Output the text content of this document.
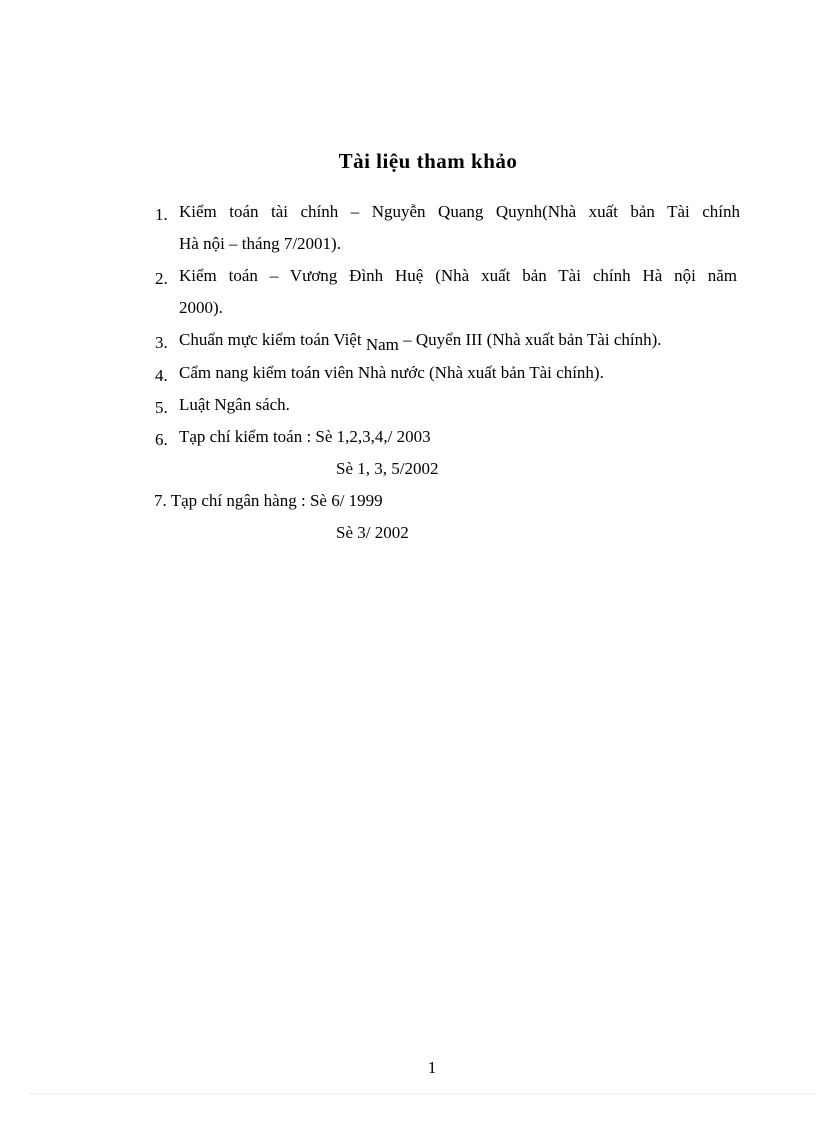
Tài liệu tham khảo
1. Kiểm toán tài chính – Nguyễn Quang Quynh(Nhà xuất bản Tài chính
Hà nội – tháng 7/2001).
2. Kiểm toán – Vương Đình Huệ (Nhà xuất bản Tài chính Hà nội năm
2000).
3. Chuẩn mực kiểm toán Việt Nam – Quyển III (Nhà xuất bản Tài chính).
4. Cẩm nang kiểm toán viên Nhà nước (Nhà xuất bản Tài chính).
5. Luật Ngân sách.
6. Tạp chí kiểm toán : Sè 1,2,3,4,/ 2003
Sè 1, 3, 5/2002
7. Tạp chí ngân hàng : Sè 6/ 1999
Sè 3/ 2002
1
